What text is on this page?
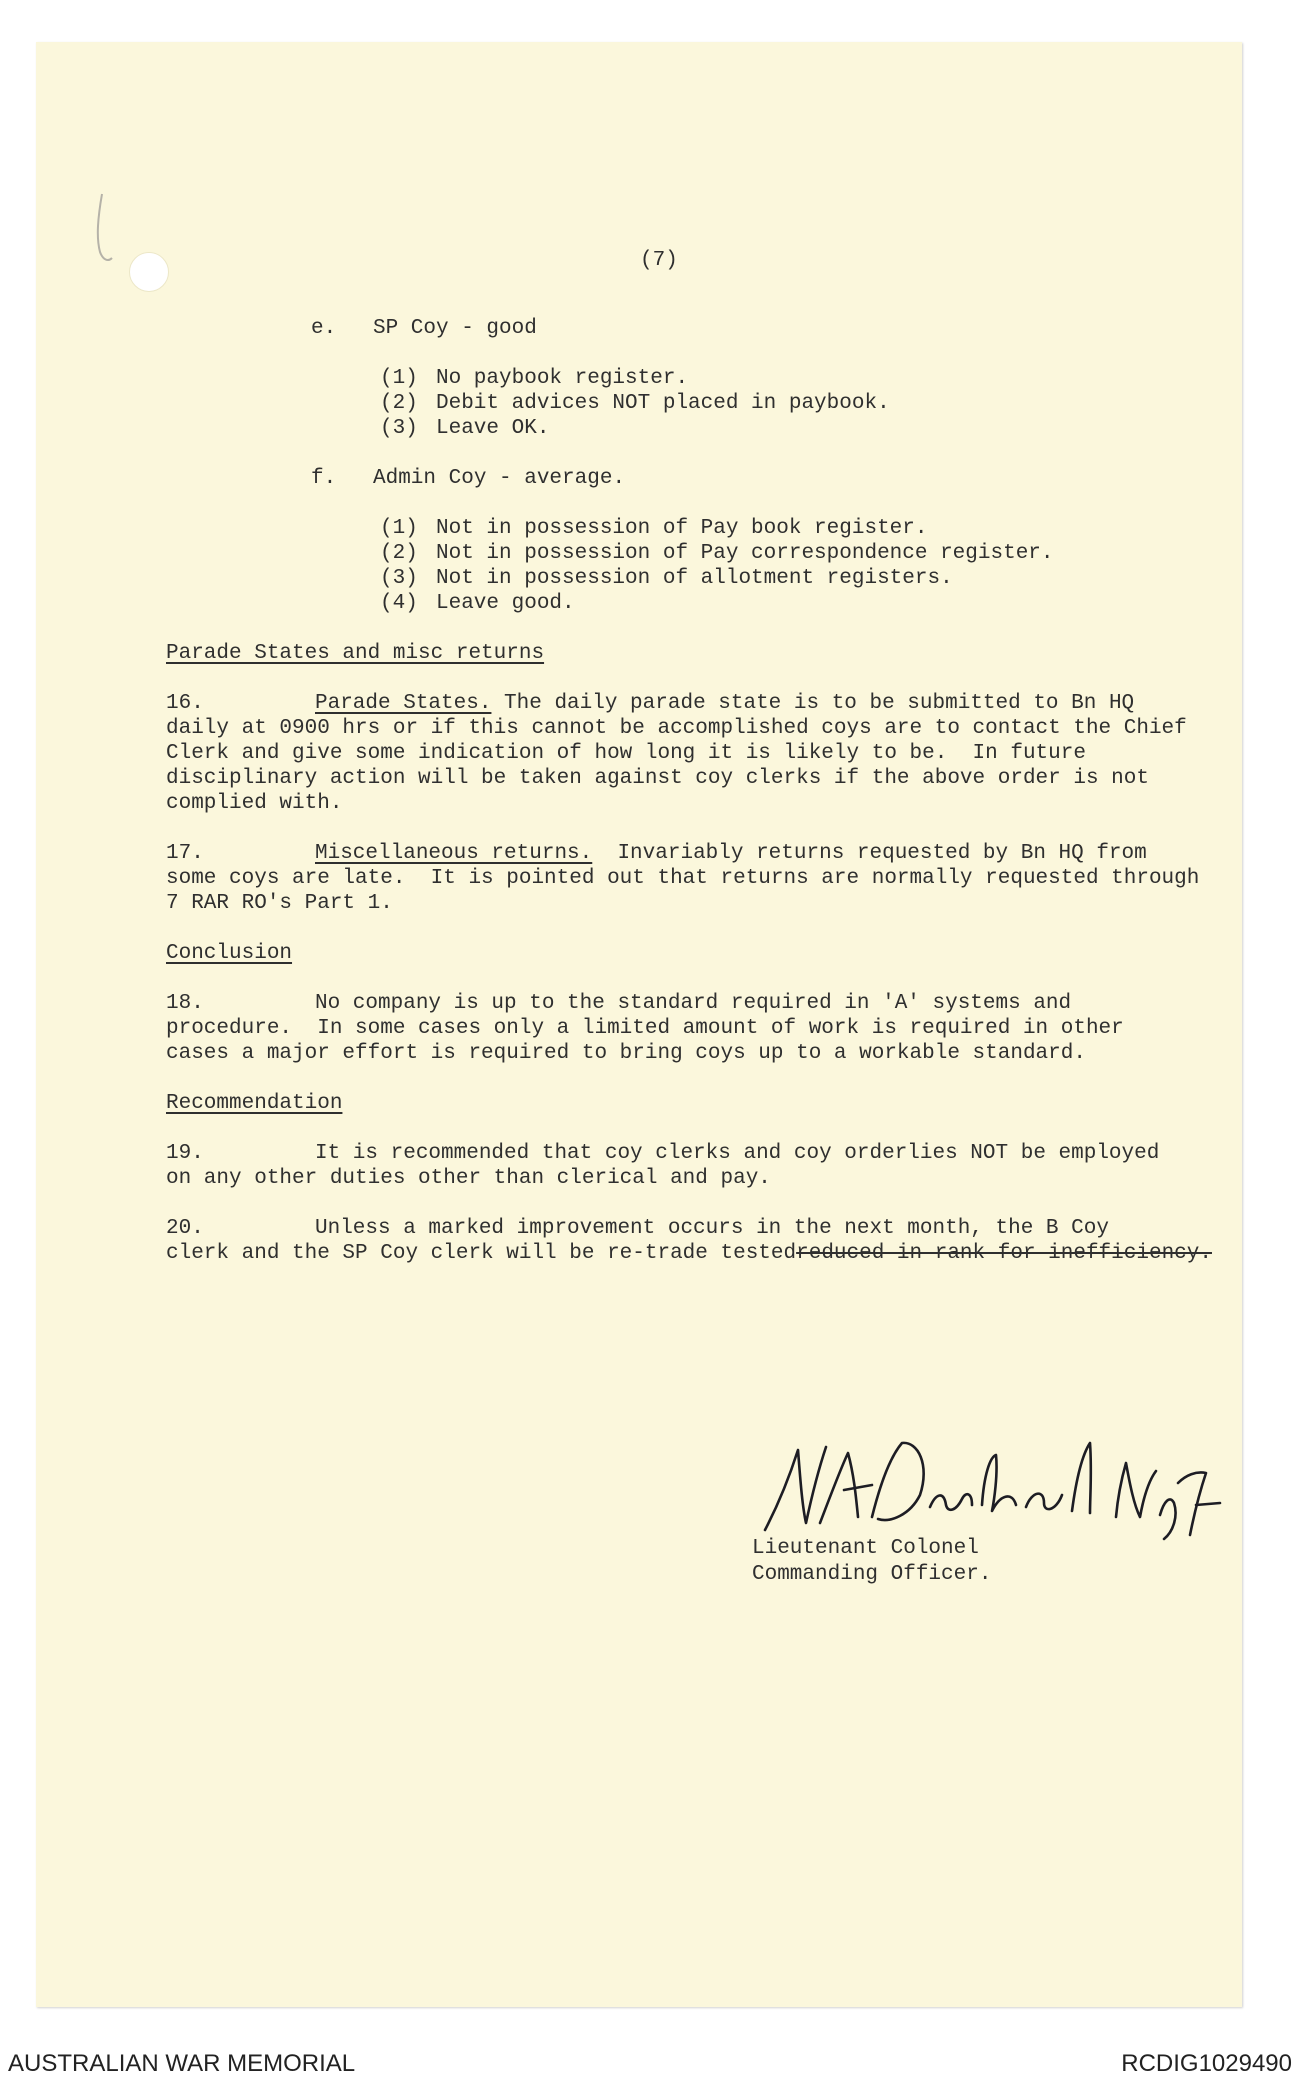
(7)

e. SP Coy - good

(1) No paybook register.

(2) Debit advices NOT placed in paybook.

(3) Leave OK.

f. Admin Coy - average.

(1) Not in possession of Pay book register.

(2) Not in possession of Pay correspondence register.

(3) Not in possession of allotment registers.

(4) Leave good.

Parade States and misc returns

16.	Parade States. The daily parade state is to be submitted to Bn HQ

daily at 0900 hrs or if this cannot be accomplished coys are to contact the Chief

Clerk and give some indication of how long it is likely to be.  In future

disciplinary action will be taken against coy clerks if the above order is not

complied with.

17.	Miscellaneous returns.  Invariably returns requested by Bn HQ from

some coys are late.  It is pointed out that returns are normally requested through

7 RAR RO's Part 1.

Conclusion

18.	No company is up to the standard required in 'A' systems and

procedure.  In some cases only a limited amount of work is required in other

cases a major effort is required to bring coys up to a workable standard.

Recommendation

19.	It is recommended that coy clerks and coy orderlies NOT be employed

on any other duties other than clerical and pay.

20.	Unless a marked improvement occurs in the next month, the B Coy

clerk and the SP Coy clerk will be re-trade testedreduced in rank for inefficiency.

Lieutenant Colonel

Commanding Officer.

AUSTRALIAN WAR MEMORIAL	RCDIG1029490
